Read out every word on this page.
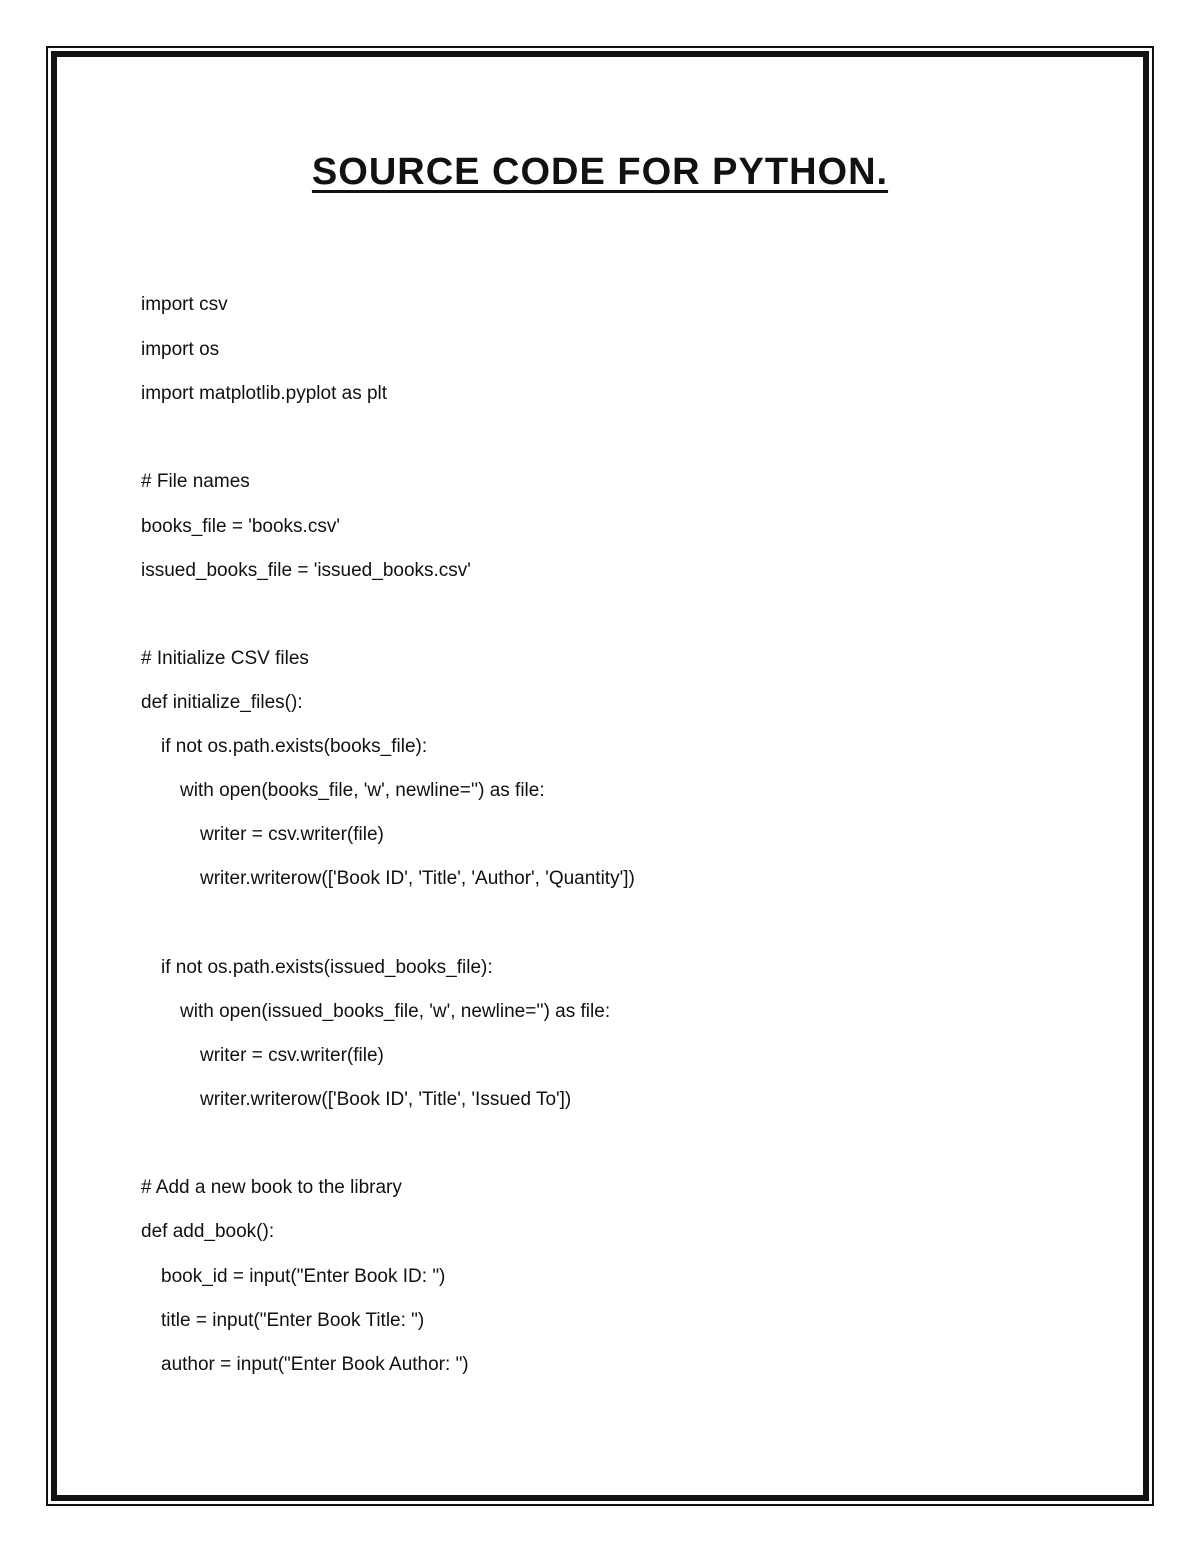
SOURCE CODE FOR PYTHON.
import csv
import os
import matplotlib.pyplot as plt
# File names
books_file = 'books.csv'
issued_books_file = 'issued_books.csv'
# Initialize CSV files
def initialize_files():
if not os.path.exists(books_file):
with open(books_file, 'w', newline='') as file:
writer = csv.writer(file)
writer.writerow(['Book ID', 'Title', 'Author', 'Quantity'])
if not os.path.exists(issued_books_file):
with open(issued_books_file, 'w', newline='') as file:
writer = csv.writer(file)
writer.writerow(['Book ID', 'Title', 'Issued To'])
# Add a new book to the library
def add_book():
book_id = input("Enter Book ID: ")
title = input("Enter Book Title: ")
author = input("Enter Book Author: ")
